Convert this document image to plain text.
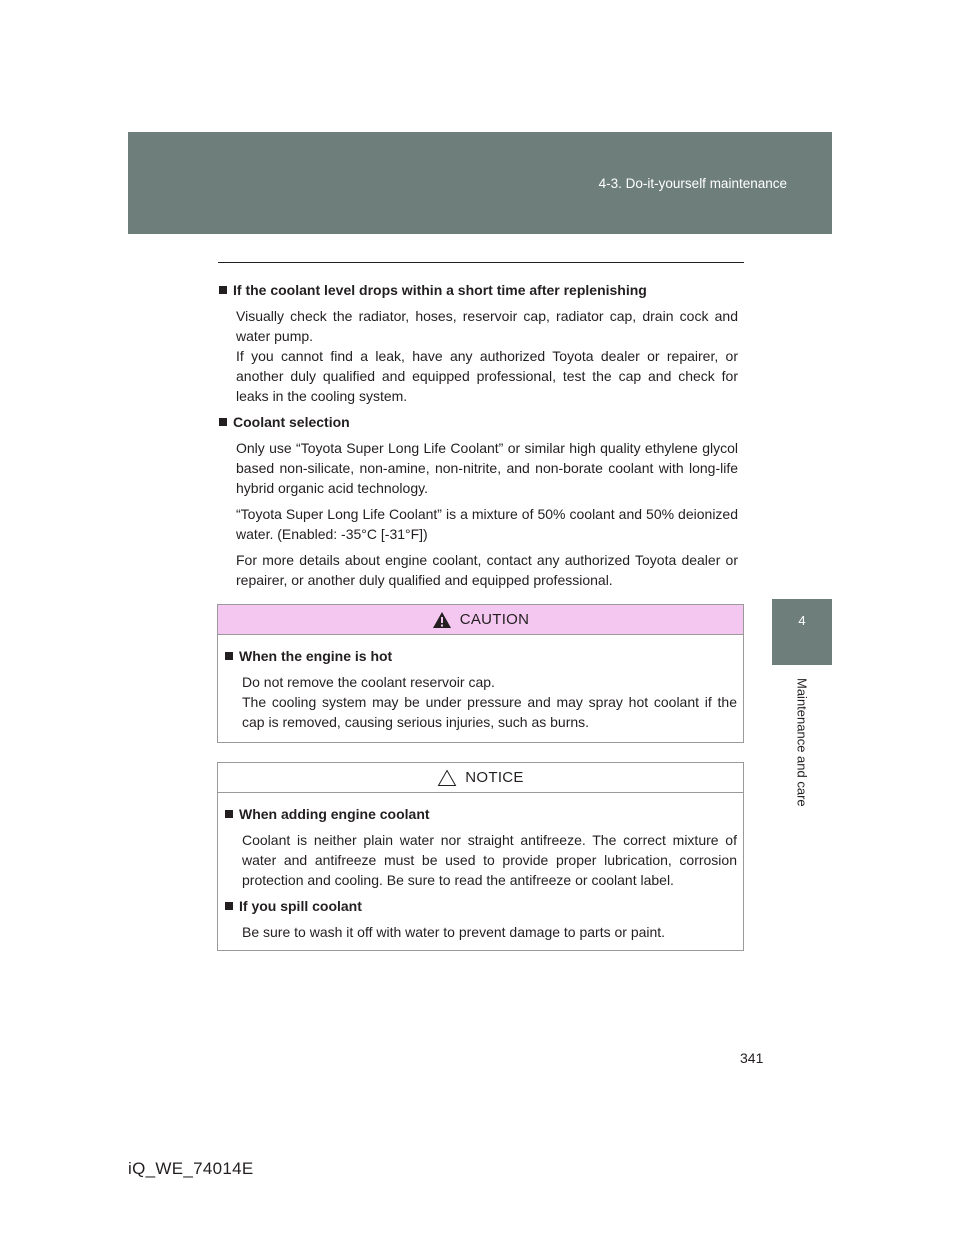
4-3. Do-it-yourself maintenance
4
Maintenance and care
If the coolant level drops within a short time after replenishing
Visually check the radiator, hoses, reservoir cap, radiator cap, drain cock and water pump.
If you cannot find a leak, have any authorized Toyota dealer or repairer, or another duly qualified and equipped professional, test the cap and check for leaks in the cooling system.
Coolant selection
Only use “Toyota Super Long Life Coolant” or similar high quality ethylene glycol based non-silicate, non-amine, non-nitrite, and non-borate coolant with long-life hybrid organic acid technology.
“Toyota Super Long Life Coolant” is a mixture of 50% coolant and 50% deionized water. (Enabled: -35°C [-31°F])
For more details about engine coolant, contact any authorized Toyota dealer or repairer, or another duly qualified and equipped professional.
CAUTION
When the engine is hot
Do not remove the coolant reservoir cap.
The cooling system may be under pressure and may spray hot coolant if the cap is removed, causing serious injuries, such as burns.
NOTICE
When adding engine coolant
Coolant is neither plain water nor straight antifreeze. The correct mixture of water and antifreeze must be used to provide proper lubrication, corrosion protection and cooling. Be sure to read the antifreeze or coolant label.
If you spill coolant
Be sure to wash it off with water to prevent damage to parts or paint.
341
iQ_WE_74014E
